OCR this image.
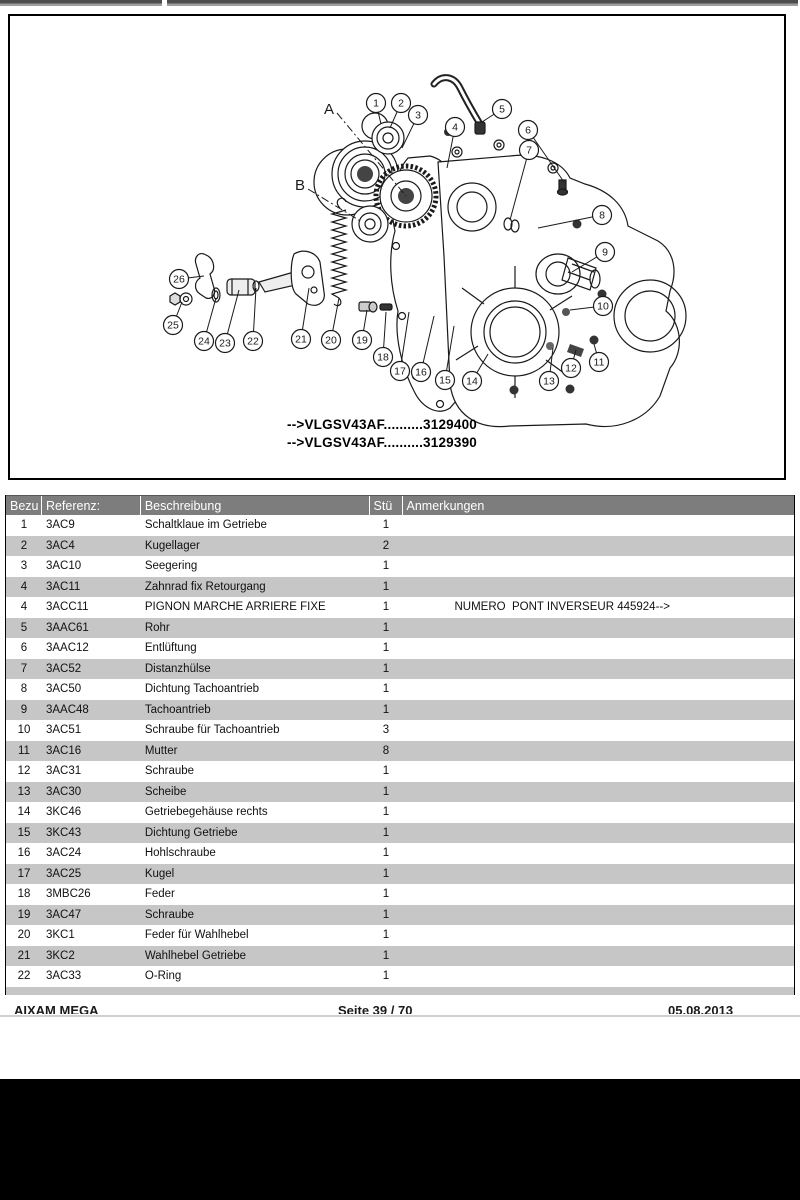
1 2
3
4
5
6
7
8
9
10
11
12
13
14
15
16
17
18
19
20
21
22
23
24
25
26
A
B
-->VLGSV43AF..........3129400
-->VLGSV43AF..........3129390
Bezu Referenz:	Beschreibung	Stü	Anmerkungen
1	3AC9	Schaltklaue im Getriebe	1
2	3AC4	Kugellager	2
3	3AC10	Seegering	1
4	3AC11	Zahnrad fix Retourgang	1
4	3ACC11	PIGNON MARCHE ARRIERE FIXE	1	NUMERO  PONT INVERSEUR 445924-->
5	3AAC61	Rohr	1
6	3AAC12	Entlüftung	1
7	3AC52	Distanzhülse	1
8	3AC50	Dichtung Tachoantrieb	1
9	3AAC48	Tachoantrieb	1
10	3AC51	Schraube für Tachoantrieb	3
11	3AC16	Mutter	8
12	3AC31	Schraube	1
13	3AC30	Scheibe	1
14	3KC46	Getriebegehäuse rechts	1
15	3KC43	Dichtung Getriebe	1
16	3AC24	Hohlschraube	1
17	3AC25	Kugel	1
18	3MBC26	Feder	1
19	3AC47	Schraube	1
20	3KC1	Feder für Wahlhebel	1
21	3KC2	Wahlhebel Getriebe	1
22	3AC33	O-Ring	1
AIXAM MEGA	Seite 39 / 70	05.08.2013
